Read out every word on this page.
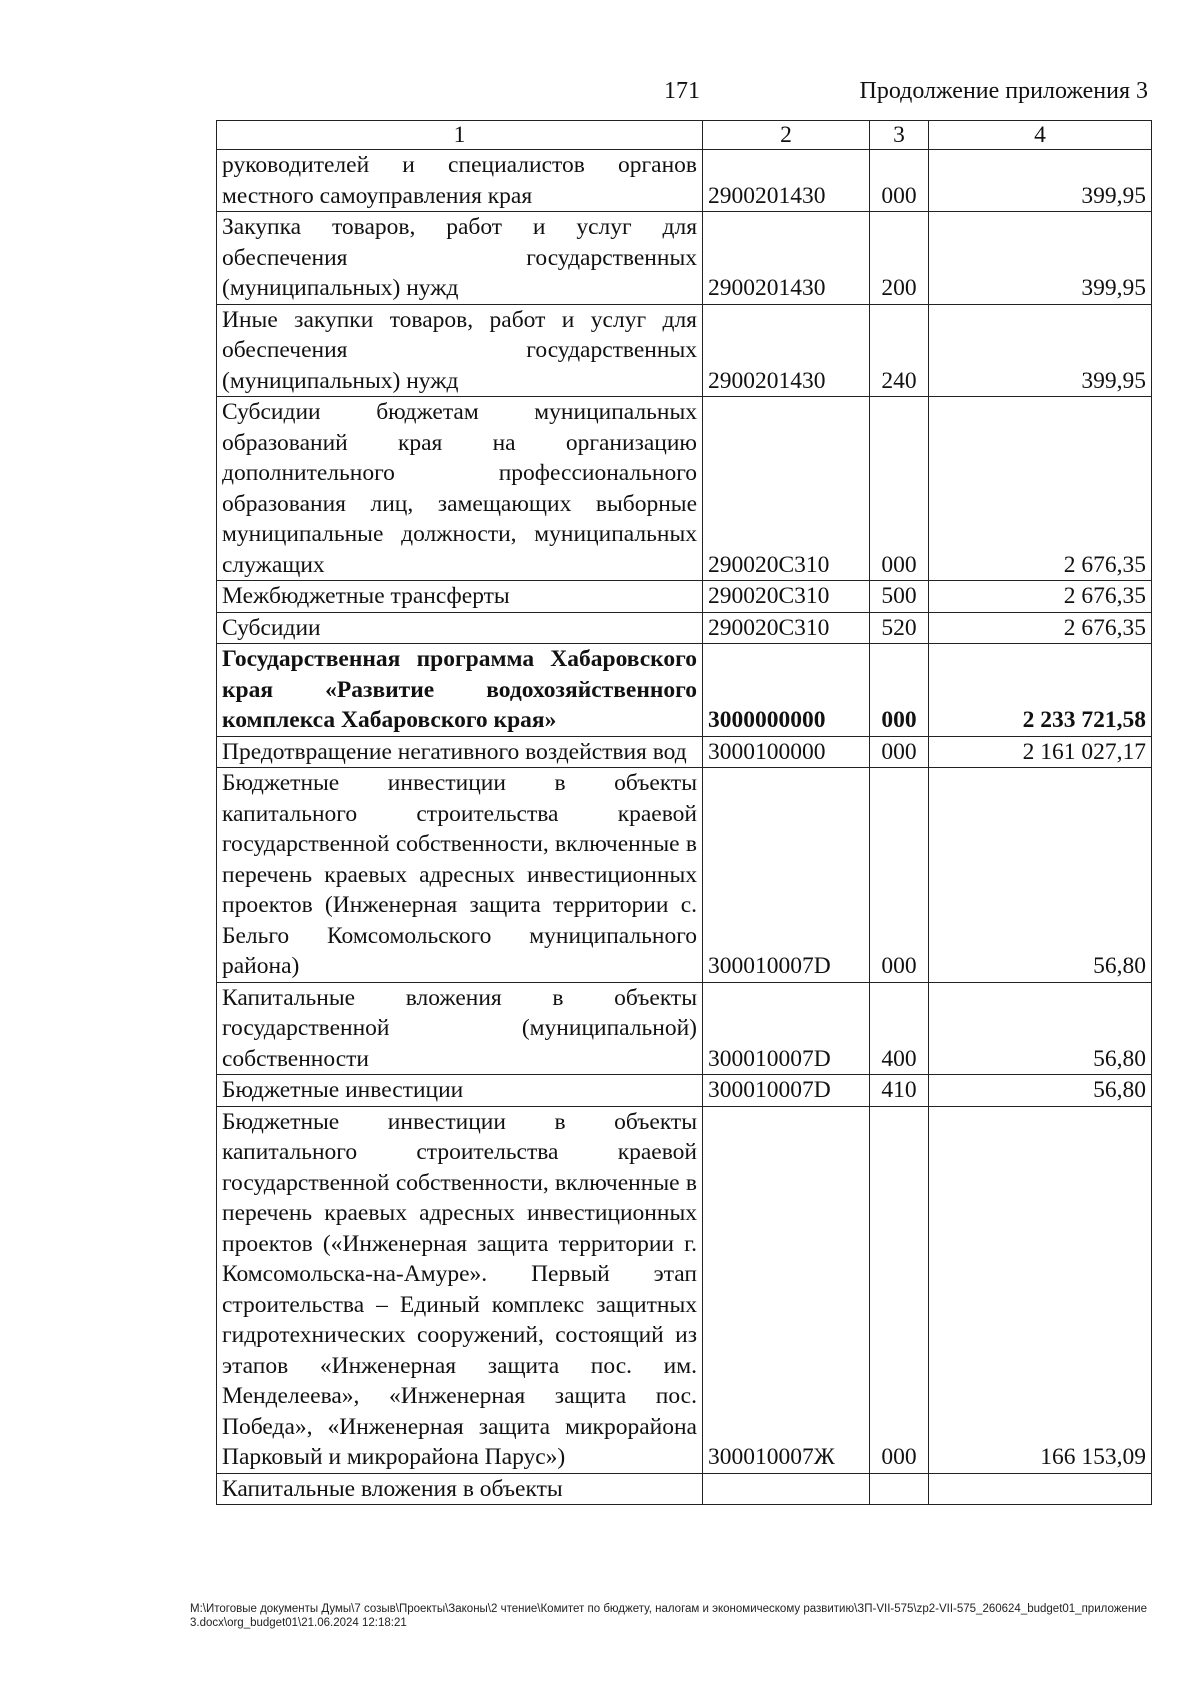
171	Продолжение приложения 3
1	2	3	4
руководителей и специалистов органов местного самоуправления края	2900201430	000	399,95
Закупка товаров, работ и услуг для обеспечения государственных (муниципальных) нужд	2900201430	200	399,95
Иные закупки товаров, работ и услуг для обеспечения государственных (муниципальных) нужд	2900201430	240	399,95
Субсидии бюджетам муниципальных образований края на организацию дополнительного профессионального образования лиц, замещающих выборные муниципальные должности, муниципальных служащих	290020С310	000	2 676,35
Межбюджетные трансферты	290020С310	500	2 676,35
Субсидии	290020С310	520	2 676,35
Государственная программа Хабаровского края «Развитие водохозяйственного комплекса Хабаровского края»	3000000000	000	2 233 721,58
Предотвращение негативного воздействия вод	3000100000	000	2 161 027,17
Бюджетные инвестиции в объекты капитального строительства краевой государственной собственности, включенные в перечень краевых адресных инвестиционных проектов (Инженерная защита территории с. Бельго Комсомольского муниципального района)	300010007D	000	56,80
Капитальные вложения в объекты государственной (муниципальной) собственности	300010007D	400	56,80
Бюджетные инвестиции	300010007D	410	56,80
Бюджетные инвестиции в объекты капитального строительства краевой государственной собственности, включенные в перечень краевых адресных инвестиционных проектов («Инженерная защита территории г. Комсомольска-на-Амуре». Первый этап строительства – Единый комплекс защитных гидротехнических сооружений, состоящий из этапов «Инженерная защита пос. им. Менделеева», «Инженерная защита пос. Победа», «Инженерная защита микрорайона Парковый и микрорайона Парус»)	300010007Ж	000	166 153,09
Капитальные вложения в объекты			
M:\Итоговые документы Думы\7 созыв\Проекты\Законы\2 чтение\Комитет по бюджету, налогам и экономическому развитию\ЗП-VII-575\zp2-VII-575_260624_budget01_приложение3.docx\org_budget01\21.06.2024 12:18:21
